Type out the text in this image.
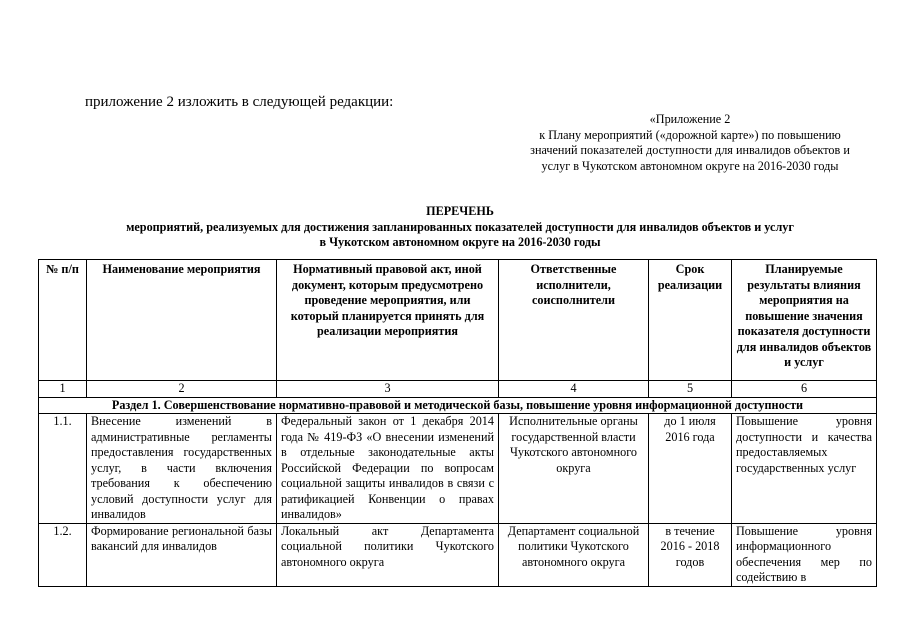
приложение 2 изложить в следующей редакции:
«Приложение 2
к Плану мероприятий («дорожной карте») по повышению
значений показателей доступности для инвалидов объектов и
услуг в Чукотском автономном округе на 2016-2030 годы
ПЕРЕЧЕНЬ
мероприятий, реализуемых для достижения запланированных показателей доступности для инвалидов объектов и услуг
в Чукотском автономном округе на 2016-2030 годы
№ п/п	Наименование мероприятия	Нормативный правовой акт, иной документ, которым предусмотрено проведение мероприятия, или который планируется принять для реализации мероприятия	Ответственные исполнители, соисполнители	Срок реализации	Планируемые результаты влияния мероприятия на повышение значения показателя доступности для инвалидов объектов и услуг
1	2	3	4	5	6
Раздел 1. Совершенствование нормативно-правовой и методической базы, повышение уровня информационной доступности					
1.1.	Внесение изменений в административные регламенты предоставления государственных услуг, в части включения требования к обеспечению условий доступности услуг для инвалидов	Федеральный закон от 1 декабря 2014 года № 419-ФЗ «О внесении изменений в отдельные законодательные акты Российской Федерации по вопросам социальной защиты инвалидов в связи с ратификацией Конвенции о правах инвалидов»	Исполнительные органы государственной власти Чукотского автономного округа	до 1 июля 2016 года	Повышение уровня доступности и качества предоставляемых государственных услуг
1.2.	Формирование региональной базы вакансий для инвалидов	Локальный акт Департамента социальной политики Чукотского автономного округа	Департамент социальной политики Чукотского автономного округа	в течение 2016 - 2018 годов	Повышение уровня информационного обеспечения мер по содействию в
